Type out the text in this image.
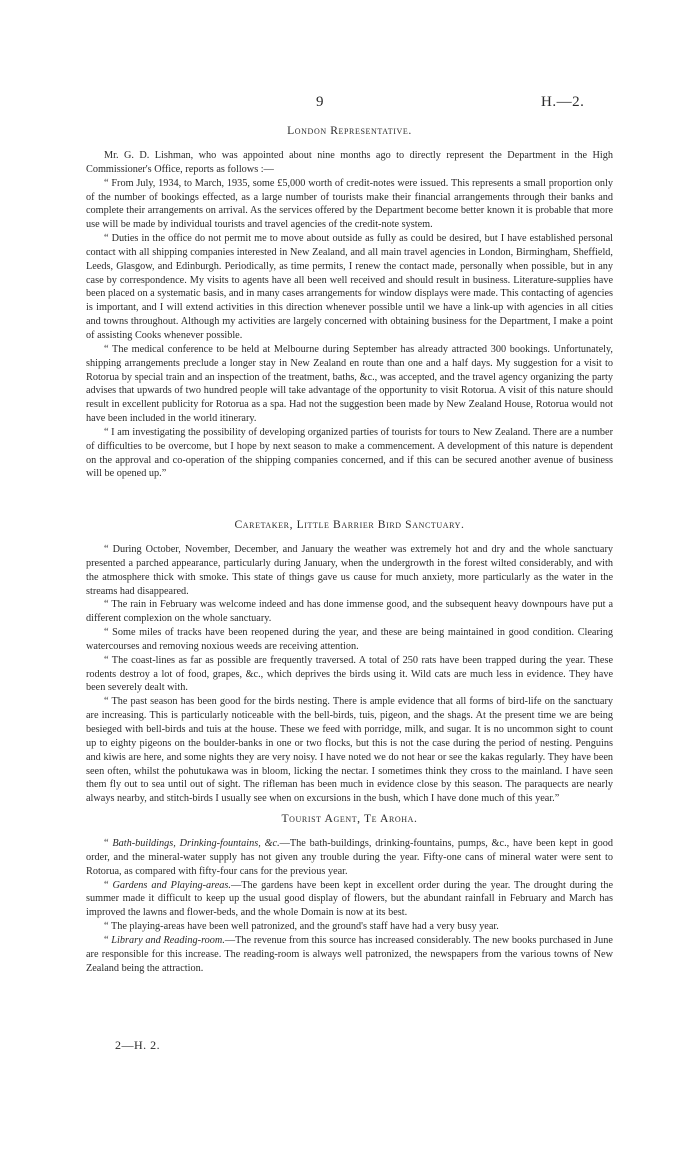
9	H.—2.
London Representative.

Mr. G. D. Lishman, who was appointed about nine months ago to directly represent the Department in the High Commissioner's Office, reports as follows :—

“ From July, 1934, to March, 1935, some £5,000 worth of credit-notes were issued. This represents a small proportion only of the number of bookings effected, as a large number of tourists make their financial arrangements through their banks and complete their arrangements on arrival. As the services offered by the Department become better known it is probable that more use will be made by individual tourists and travel agencies of the credit-note system.

“ Duties in the office do not permit me to move about outside as fully as could be desired, but I have established personal contact with all shipping companies interested in New Zealand, and all main travel agencies in London, Birmingham, Sheffield, Leeds, Glasgow, and Edinburgh. Periodically, as time permits, I renew the contact made, personally when possible, but in any case by correspondence. My visits to agents have all been well received and should result in business. Literature-supplies have been placed on a systematic basis, and in many cases arrangements for window displays were made. This contacting of agencies is important, and I will extend activities in this direction whenever possible until we have a link-up with agencies in all cities and towns throughout. Although my activities are largely concerned with obtaining business for the Department, I make a point of assisting Cooks whenever possible.

“ The medical conference to be held at Melbourne during September has already attracted 300 bookings. Unfortunately, shipping arrangements preclude a longer stay in New Zealand en route than one and a half days. My suggestion for a visit to Rotorua by special train and an inspection of the treatment, baths, &c., was accepted, and the travel agency organizing the party advises that upwards of two hundred people will take advantage of the opportunity to visit Rotorua. A visit of this nature should result in excellent publicity for Rotorua as a spa. Had not the suggestion been made by New Zealand House, Rotorua would not have been included in the world itinerary.

“ I am investigating the possibility of developing organized parties of tourists for tours to New Zealand. There are a number of difficulties to be overcome, but I hope by next season to make a commencement. A development of this nature is dependent on the approval and co-operation of the shipping companies concerned, and if this can be secured another avenue of business will be opened up.”

Caretaker, Little Barrier Bird Sanctuary.

“ During October, November, December, and January the weather was extremely hot and dry and the whole sanctuary presented a parched appearance, particularly during January, when the undergrowth in the forest wilted considerably, and with the atmosphere thick with smoke. This state of things gave us cause for much anxiety, more particularly as the water in the streams had disappeared.

“ The rain in February was welcome indeed and has done immense good, and the subsequent heavy downpours have put a different complexion on the whole sanctuary.

“ Some miles of tracks have been reopened during the year, and these are being maintained in good condition. Clearing watercourses and removing noxious weeds are receiving attention.

“ The coast-lines as far as possible are frequently traversed. A total of 250 rats have been trapped during the year. These rodents destroy a lot of food, grapes, &c., which deprives the birds using it. Wild cats are much less in evidence. They have been severely dealt with.

“ The past season has been good for the birds nesting. There is ample evidence that all forms of bird-life on the sanctuary are increasing. This is particularly noticeable with the bell-birds, tuis, pigeon, and the shags. At the present time we are being besieged with bell-birds and tuis at the house. These we feed with porridge, milk, and sugar. It is no uncommon sight to count up to eighty pigeons on the boulder-banks in one or two flocks, but this is not the case during the period of nesting. Penguins and kiwis are here, and some nights they are very noisy. I have noted we do not hear or see the kakas regularly. They have been seen often, whilst the pohutukawa was in bloom, licking the nectar. I sometimes think they cross to the mainland. I have seen them fly out to sea until out of sight. The rifleman has been much in evidence close by this season. The paraquects are nearly always nearby, and stitch-birds I usually see when on excursions in the bush, which I have done much of this year.”

Tourist Agent, Te Aroha.

“ Bath-buildings, Drinking-fountains, &c.—The bath-buildings, drinking-fountains, pumps, &c., have been kept in good order, and the mineral-water supply has not given any trouble during the year. Fifty-one cans of mineral water were sent to Rotorua, as compared with fifty-four cans for the previous year.

“ Gardens and Playing-areas.—The gardens have been kept in excellent order during the year. The drought during the summer made it difficult to keep up the usual good display of flowers, but the abundant rainfall in February and March has improved the lawns and flower-beds, and the whole Domain is now at its best.

“ The playing-areas have been well patronized, and the ground's staff have had a very busy year.

“ Library and Reading-room.—The revenue from this source has increased considerably. The new books purchased in June are responsible for this increase. The reading-room is always well patronized, the newspapers from the various towns of New Zealand being the attraction.

2—H. 2.
